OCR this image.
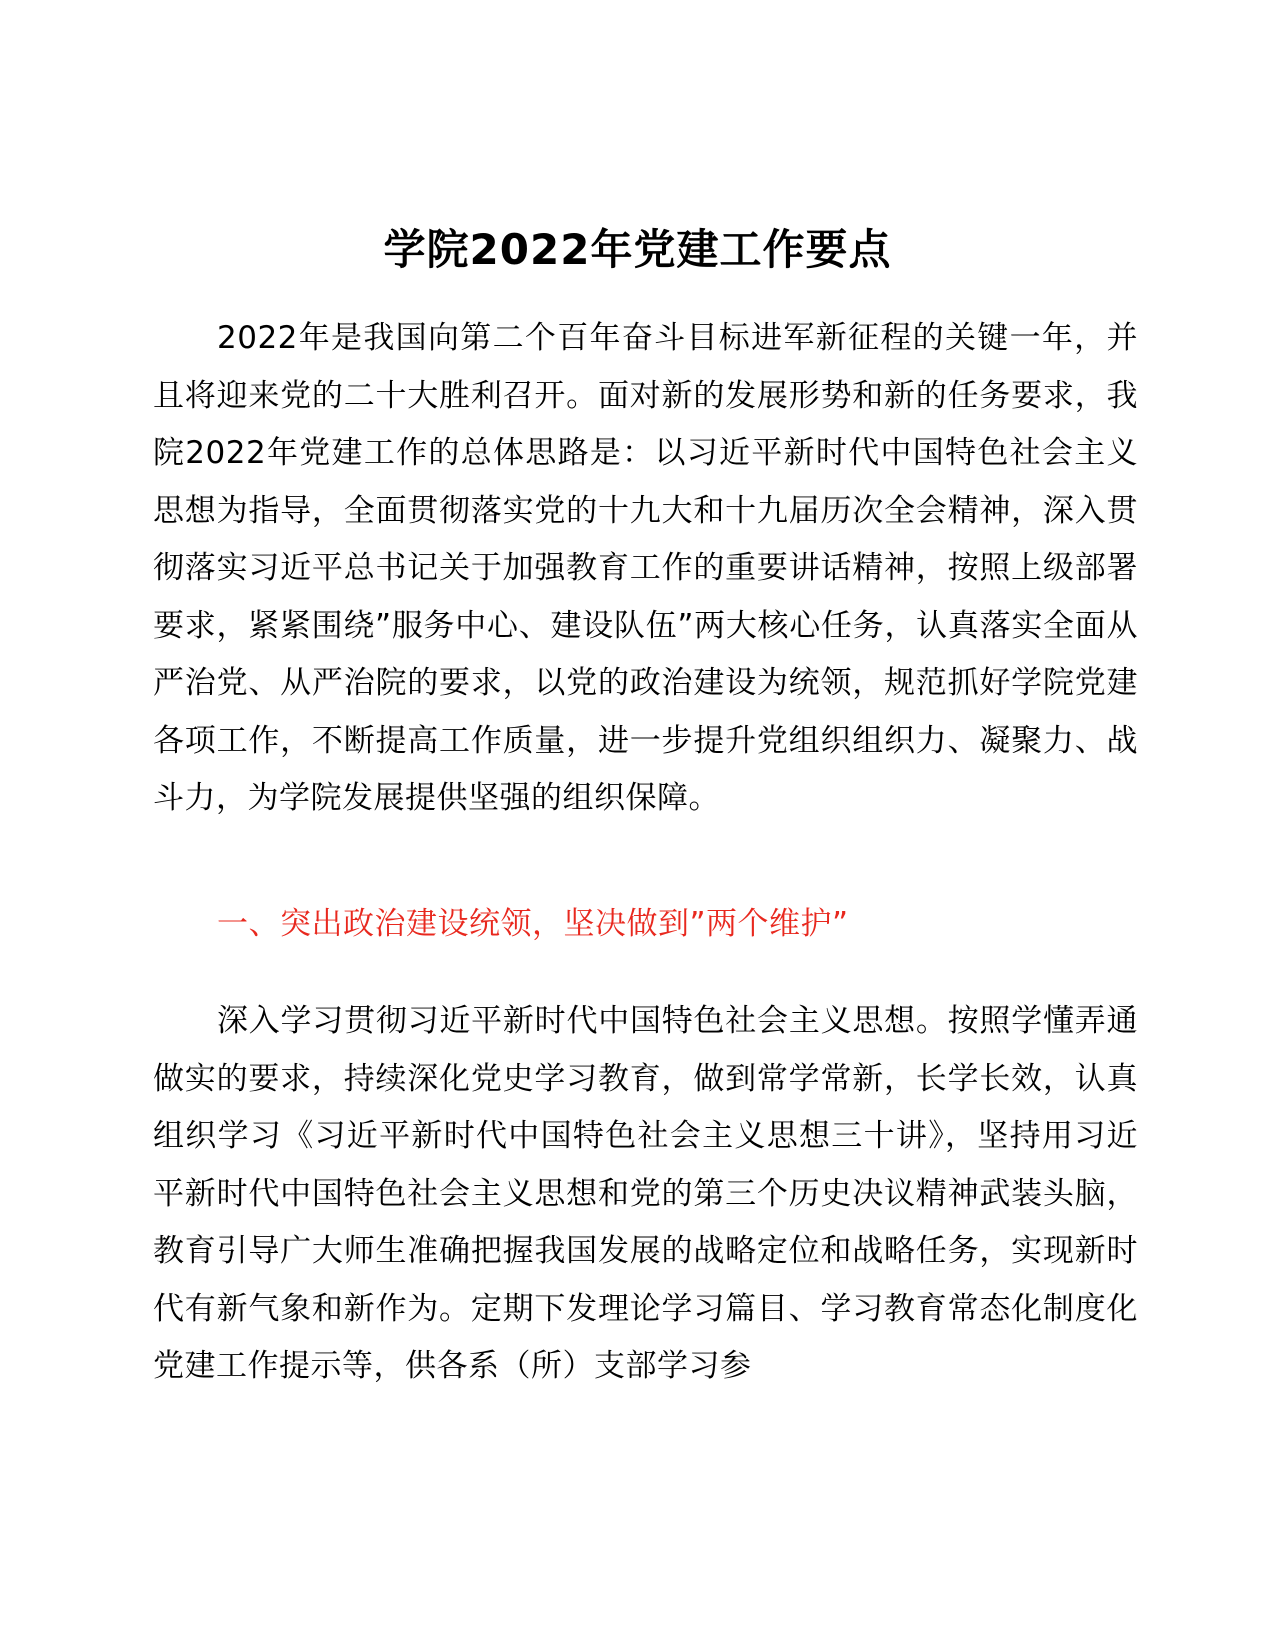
学院2022年党建工作要点

2022年是我国向第二个百年奋斗目标进军新征程的关键一年，并且将迎来党的二十大胜利召开。面对新的发展形势和新的任务要求，我院2022年党建工作的总体思路是：以习近平新时代中国特色社会主义思想为指导，全面贯彻落实党的十九大和十九届历次全会精神，深入贯彻落实习近平总书记关于加强教育工作的重要讲话精神，按照上级部署要求，紧紧围绕”服务中心、建设队伍”两大核心任务，认真落实全面从严治党、从严治院的要求，以党的政治建设为统领，规范抓好学院党建各项工作，不断提高工作质量，进一步提升党组织组织力、凝聚力、战斗力，为学院发展提供坚强的组织保障。

一、突出政治建设统领，坚决做到”两个维护”

深入学习贯彻习近平新时代中国特色社会主义思想。按照学懂弄通做实的要求，持续深化党史学习教育，做到常学常新，长学长效，认真组织学习《习近平新时代中国特色社会主义思想三十讲》，坚持用习近平新时代中国特色社会主义思想和党的第三个历史决议精神武装头脑，教育引导广大师生准确把握我国发展的战略定位和战略任务，实现新时代有新气象和新作为。定期下发理论学习篇目、学习教育常态化制度化党建工作提示等，供各系（所）支部学习参
